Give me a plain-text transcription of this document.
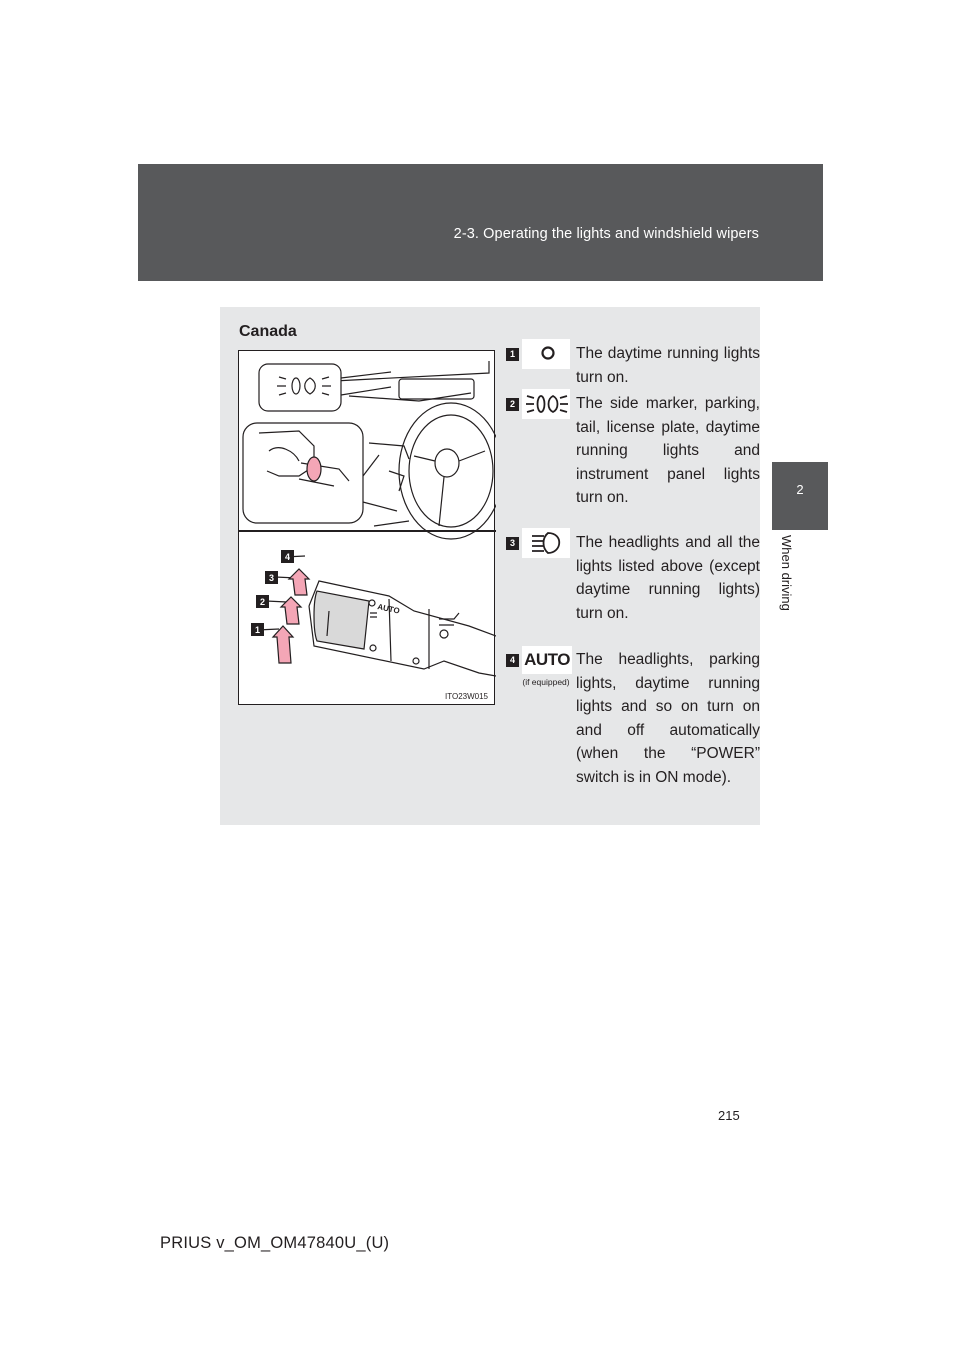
2-3. Operating the lights and windshield wipers
2
When driving
Canada
4
3
2
1
AUTO
ITO23W015
1	The daytime running lights turn on.
2	The side marker, parking, tail, license plate, daytime running lights and instrument panel lights turn on.
3	The headlights and all the lights listed above (except daytime running lights) turn on.
4 AUTO
(if equipped)
The headlights, parking lights, daytime running lights and so on turn on and off automatically (when the “POWER” switch is in ON mode).
215
PRIUS v_OM_OM47840U_(U)
